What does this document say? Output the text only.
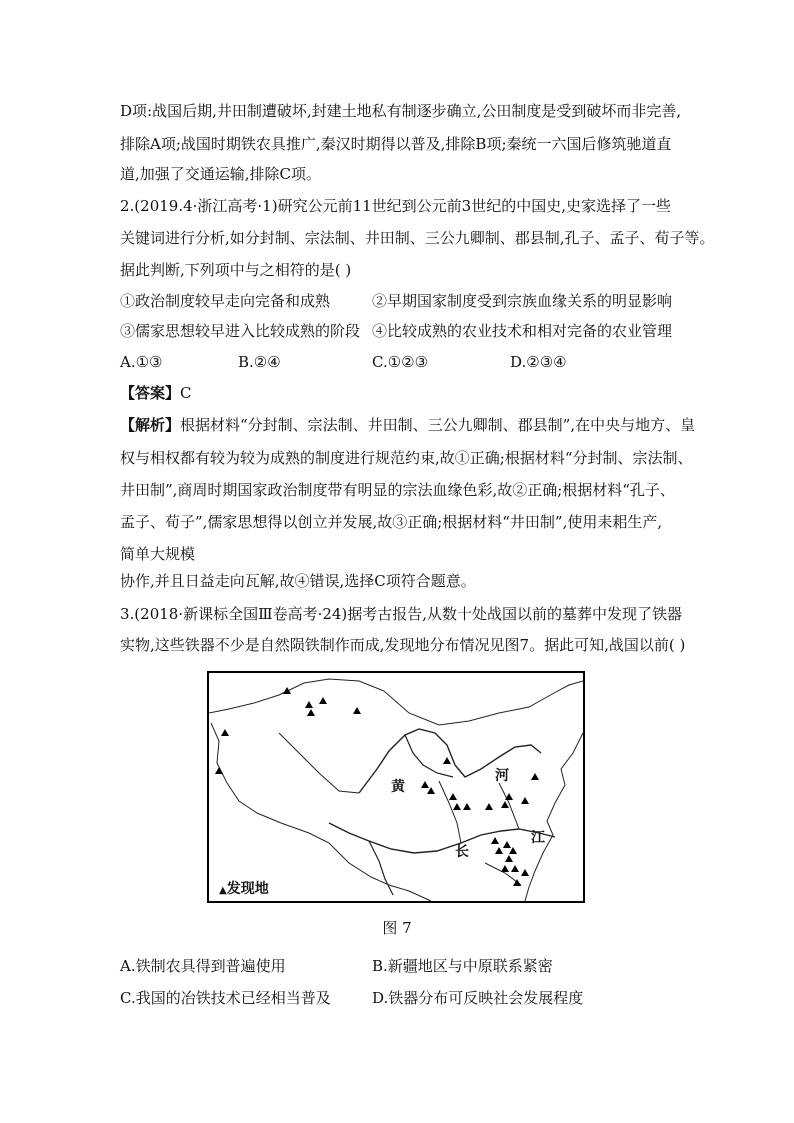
D项:战国后期,井田制遭破坏,封建土地私有制逐步确立,公田制度是受到破坏而非完善,
排除A项;战国时期铁农具推广,秦汉时期得以普及,排除B项;秦统一六国后修筑驰道直
道,加强了交通运输,排除C项。
2.(2019.4·浙江高考·1)研究公元前11世纪到公元前3世纪的中国史,史家选择了一些
关键词进行分析,如分封制、宗法制、井田制、三公九卿制、郡县制,孔子、孟子、荀子等。
据此判断,下列项中与之相符的是( )
①政治制度较早走向完备和成熟	②早期国家制度受到宗族血缘关系的明显影响
③儒家思想较早进入比较成熟的阶段 ④比较成熟的农业技术和相对完备的农业管理
A.①③	B.②④	C.①②③	D.②③④
【答案】C
【解析】根据材料“分封制、宗法制、井田制、三公九卿制、郡县制”,在中央与地方、皇
权与相权都有较为较为成熟的制度进行规范约束,故①正确;根据材料“分封制、宗法制、
井田制”,商周时期国家政治制度带有明显的宗法血缘色彩,故②正确;根据材料“孔子、
孟子、荀子”,儒家思想得以创立并发展,故③正确;根据材料“井田制”,使用耒耜生产,
简单大规模
协作,并且日益走向瓦解,故④错误,选择C项符合题意。
3.(2018·新课标全国Ⅲ卷高考·24)据考古报告,从数十处战国以前的墓葬中发现了铁器
实物,这些铁器不少是自然陨铁制作而成,发现地分布情况见图7。据此可知,战国以前( )
黄
河
长
江
▲发现地
图 7
A.铁制农具得到普遍使用	B.新疆地区与中原联系紧密
C.我国的冶铁技术已经相当普及	D.铁器分布可反映社会发展程度
